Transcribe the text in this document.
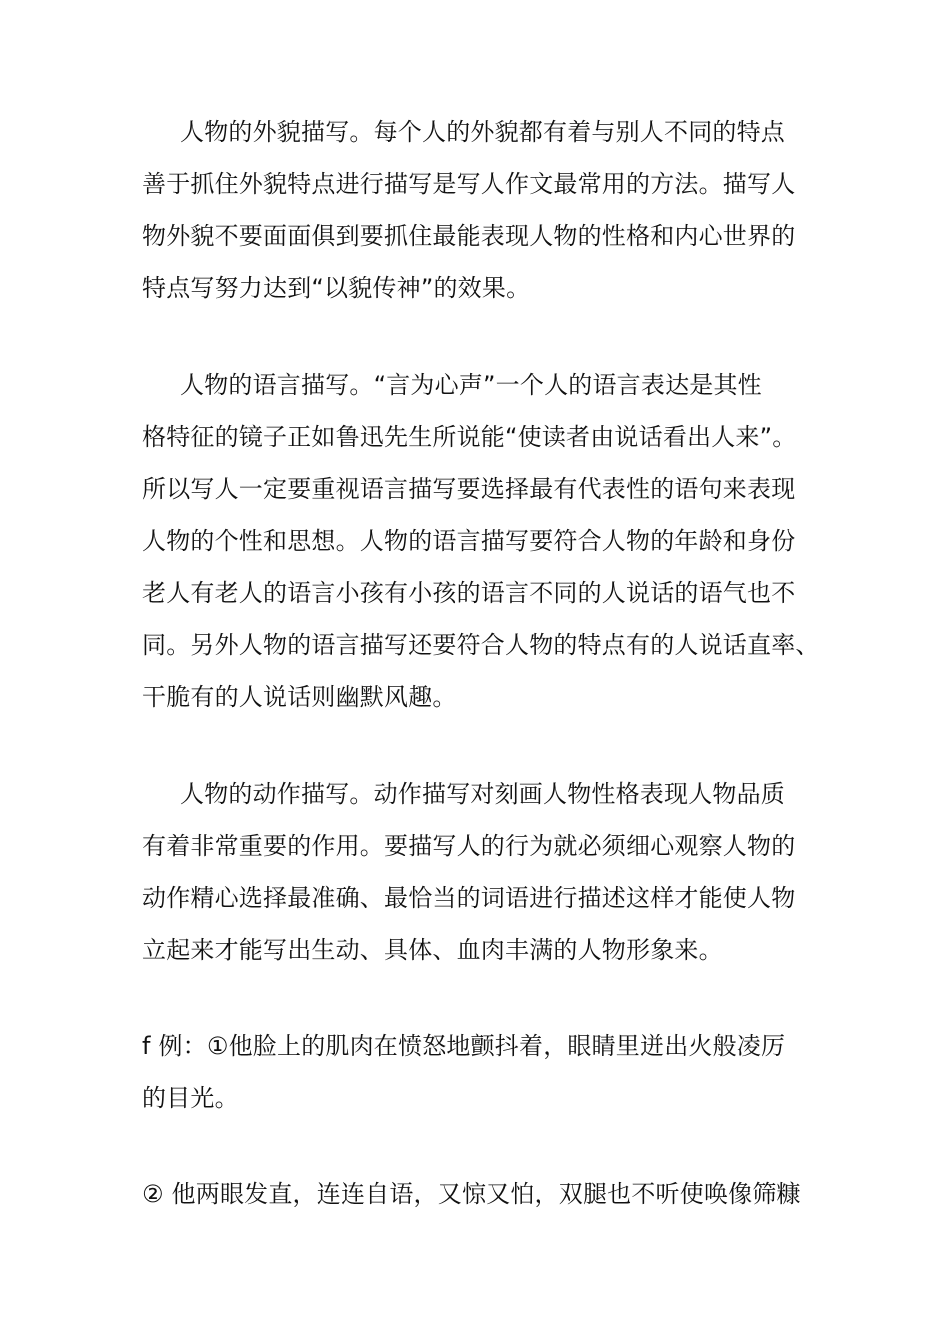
人物的外貌描写。每个人的外貌都有着与别人不同的特点
善于抓住外貌特点进行描写是写人作文最常用的方法。描写人
物外貌不要面面俱到要抓住最能表现人物的性格和内心世界的
特点写努力达到“以貌传神”的效果。
人物的语言描写。“言为心声”一个人的语言表达是其性
格特征的镜子正如鲁迅先生所说能“使读者由说话看出人来”。
所以写人一定要重视语言描写要选择最有代表性的语句来表现
人物的个性和思想。人物的语言描写要符合人物的年龄和身份
老人有老人的语言小孩有小孩的语言不同的人说话的语气也不
同。另外人物的语言描写还要符合人物的特点有的人说话直率、
干脆有的人说话则幽默风趣。
人物的动作描写。动作描写对刻画人物性格表现人物品质
有着非常重要的作用。要描写人的行为就必须细心观察人物的
动作精心选择最准确、最恰当的词语进行描述这样才能使人物
立起来才能写出生动、具体、血肉丰满的人物形象来。
f 例：①他脸上的肌肉在愤怒地颤抖着，眼睛里迸出火般凌厉
的目光。
② 他两眼发直，连连自语，又惊又怕，双腿也不听使唤像筛糠
